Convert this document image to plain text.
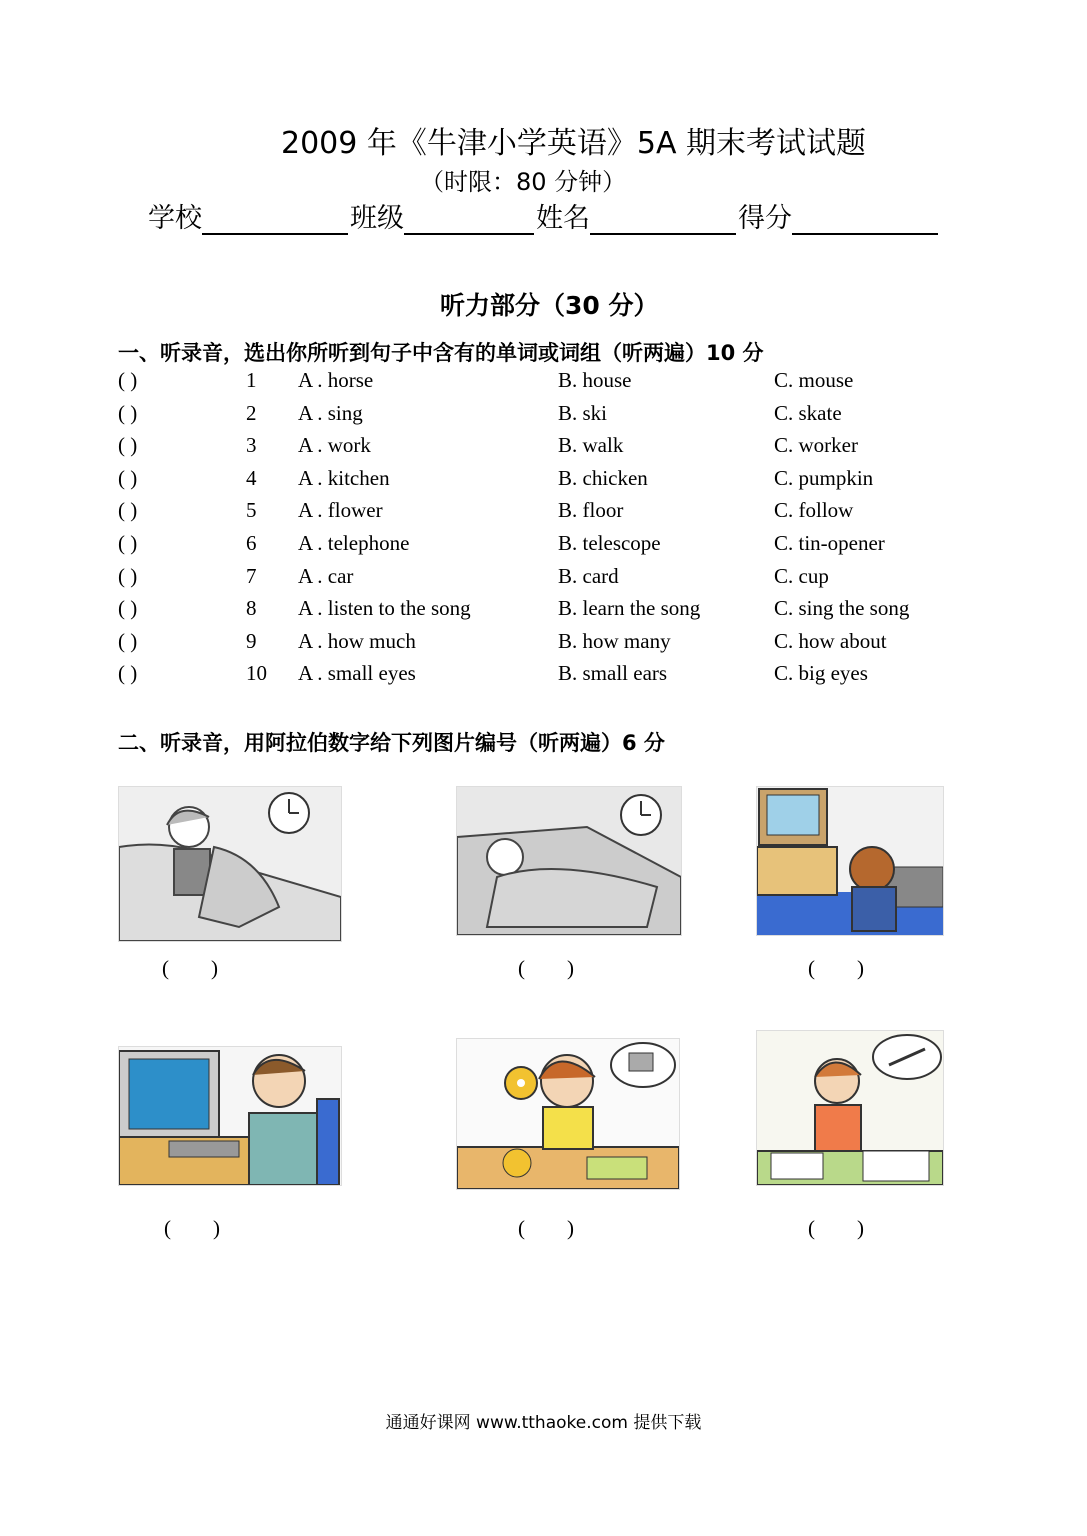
2009 年《牛津小学英语》5A 期末考试试题
（时限：80 分钟）
学校	班级	姓名	得分
听力部分（30 分）
一、听录音，选出你所听到句子中含有的单词或词组（听两遍）10 分
( )	1 A . horse	B. house	C. mouse
( )	2 A . sing	B. ski	C. skate
( )	3 A . work	B. walk	C. worker
( )	4 A . kitchen	B. chicken	C. pumpkin
( )	5 A . flower	B. floor	C. follow
( )	6 A . telephone	B. telescope	C. tin-opener
( )	7 A . car	B. card	C. cup
( )	8 A . listen to the song	B. learn the song	C. sing the song
( )	9 A . how much	B. how many	C. how about
( )	10 A . small eyes	B. small ears	C. big eyes
二、听录音，用阿拉伯数字给下列图片编号（听两遍）6 分
(        )	(        )	(        )
(        )	(        )	(        )
通通好课网 www.tthaoke.com 提供下载
